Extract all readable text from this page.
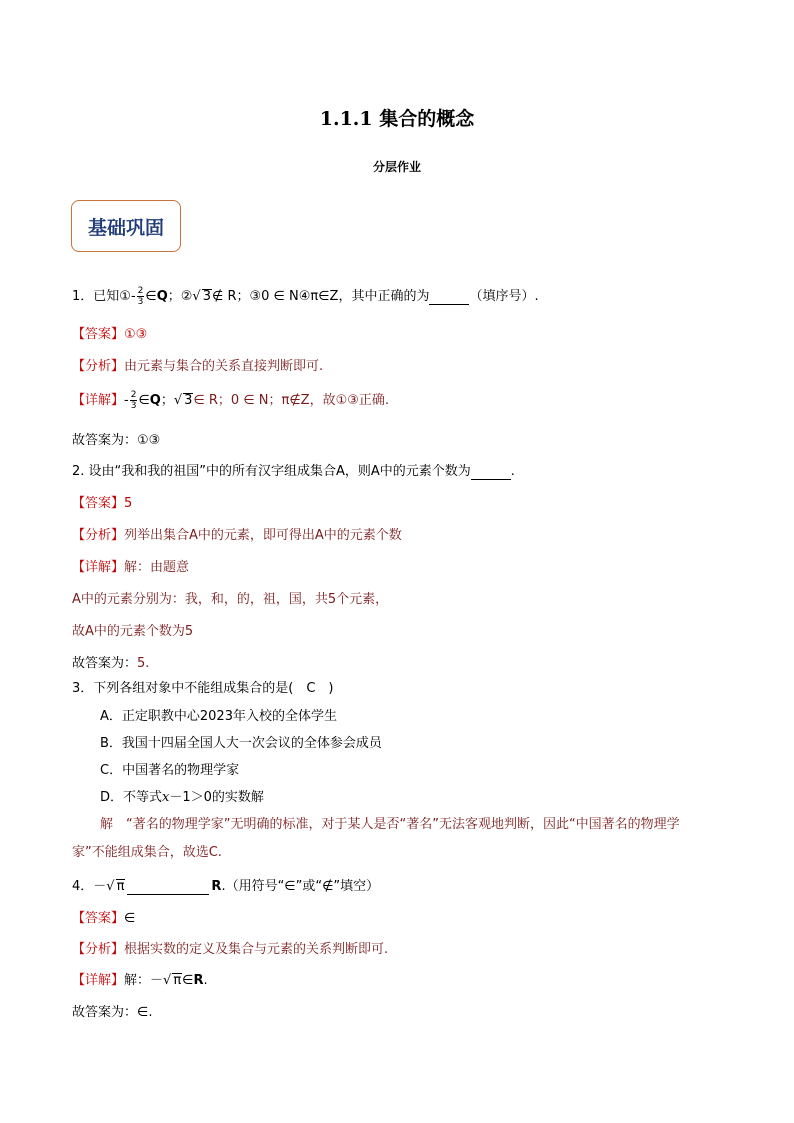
1.1.1 集合的概念
分层作业
基础巩固
1．已知①- $\frac{2}{3}$ ∈Q；②√ 3∉ R；③0 ∈ N④π∈Z，其中正确的为	（填序号）.
【答案】①③
【分析】由元素与集合的关系直接判断即可.
【详解】- $\frac{2}{3}$ ∈Q；√ 3∈ R；0 ∈ N；π∉Z，故①③正确.
故答案为：①③
2. 设由“我和我的祖国”中的所有汉字组成集合A，则A中的元素个数为	.
【答案】5
【分析】列举出集合A中的元素，即可得出A中的元素个数
【详解】解：由题意
A中的元素分别为：我，和，的，祖，国，共5个元素，
故A中的元素个数为5
故答案为：5.
3．下列各组对象中不能组成集合的是(　C　)
A．正定职教中心2023年入校的全体学生
B．我国十四届全国人大一次会议的全体参会成员
C．中国著名的物理学家
D．不等式x－1＞0的实数解
解　“著名的物理学家”无明确的标准，对于某人是否“著名”无法客观地判断，因此“中国著名的物理学
家”不能组成集合，故选C.
4．－√ π	R.（用符号“∈”或“∉”填空）
【答案】∈
【分析】根据实数的定义及集合与元素的关系判断即可.
【详解】解：－√ π∈R.
故答案为：∈.
